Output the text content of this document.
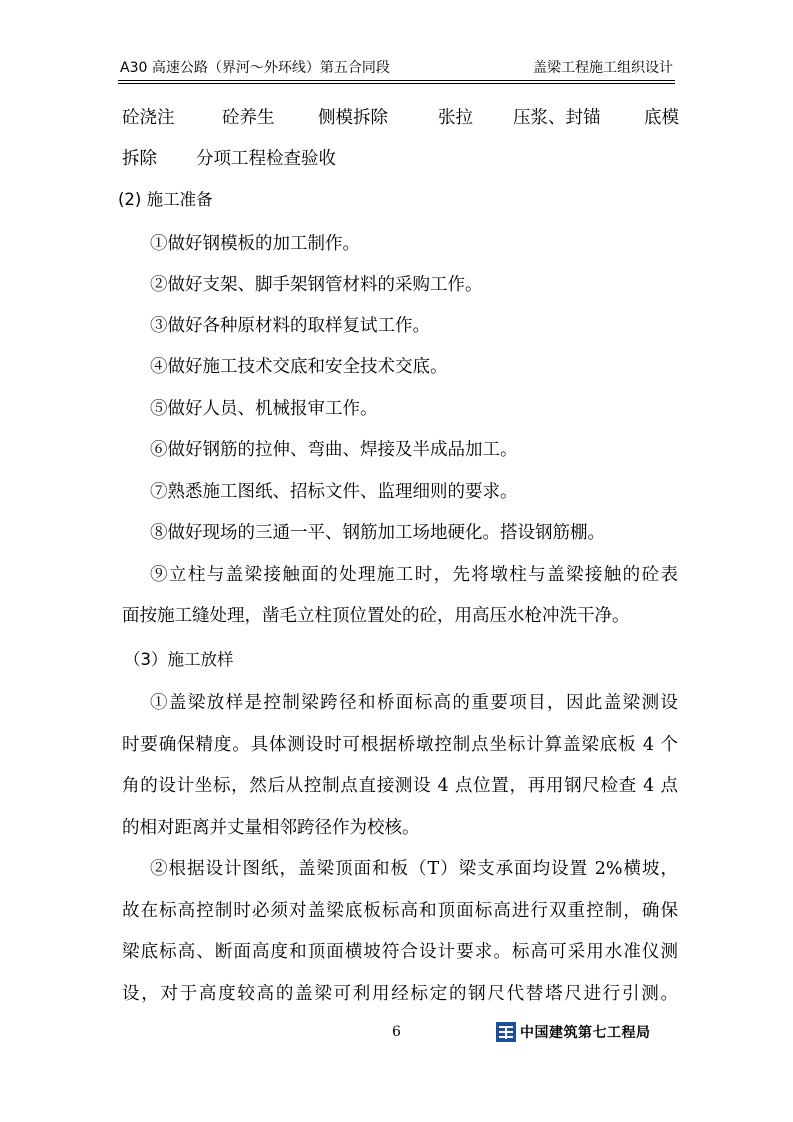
A30 高速公路（界河～外环线）第五合同段	盖梁工程施工组织设计
砼浇注	砼养生 侧模拆除	张拉 压浆、封锚 底模
拆除 分项工程检查验收
(2) 施工准备
①做好钢模板的加工制作。
②做好支架、脚手架钢管材料的采购工作。
③做好各种原材料的取样复试工作。
④做好施工技术交底和安全技术交底。
⑤做好人员、机械报审工作。
⑥做好钢筋的拉伸、弯曲、焊接及半成品加工。
⑦熟悉施工图纸、招标文件、监理细则的要求。
⑧做好现场的三通一平、钢筋加工场地硬化。搭设钢筋棚。
⑨立柱与盖梁接触面的处理施工时，先将墩柱与盖梁接触的砼表
面按施工缝处理，凿毛立柱顶位置处的砼，用高压水枪冲洗干净。
（3）施工放样
①盖梁放样是控制梁跨径和桥面标高的重要项目，因此盖梁测设
时要确保精度。具体测设时可根据桥墩控制点坐标计算盖梁底板 4 个
角的设计坐标，然后从控制点直接测设 4 点位置，再用钢尺检查 4 点
的相对距离并丈量相邻跨径作为校核。
②根据设计图纸，盖梁顶面和板（T）梁支承面均设置 2%横坡，
故在标高控制时必须对盖梁底板标高和顶面标高进行双重控制，确保
梁底标高、断面高度和顶面横坡符合设计要求。标高可采用水准仪测
设，对于高度较高的盖梁可利用经标定的钢尺代替塔尺进行引测。
6	中国建筑第七工程局
